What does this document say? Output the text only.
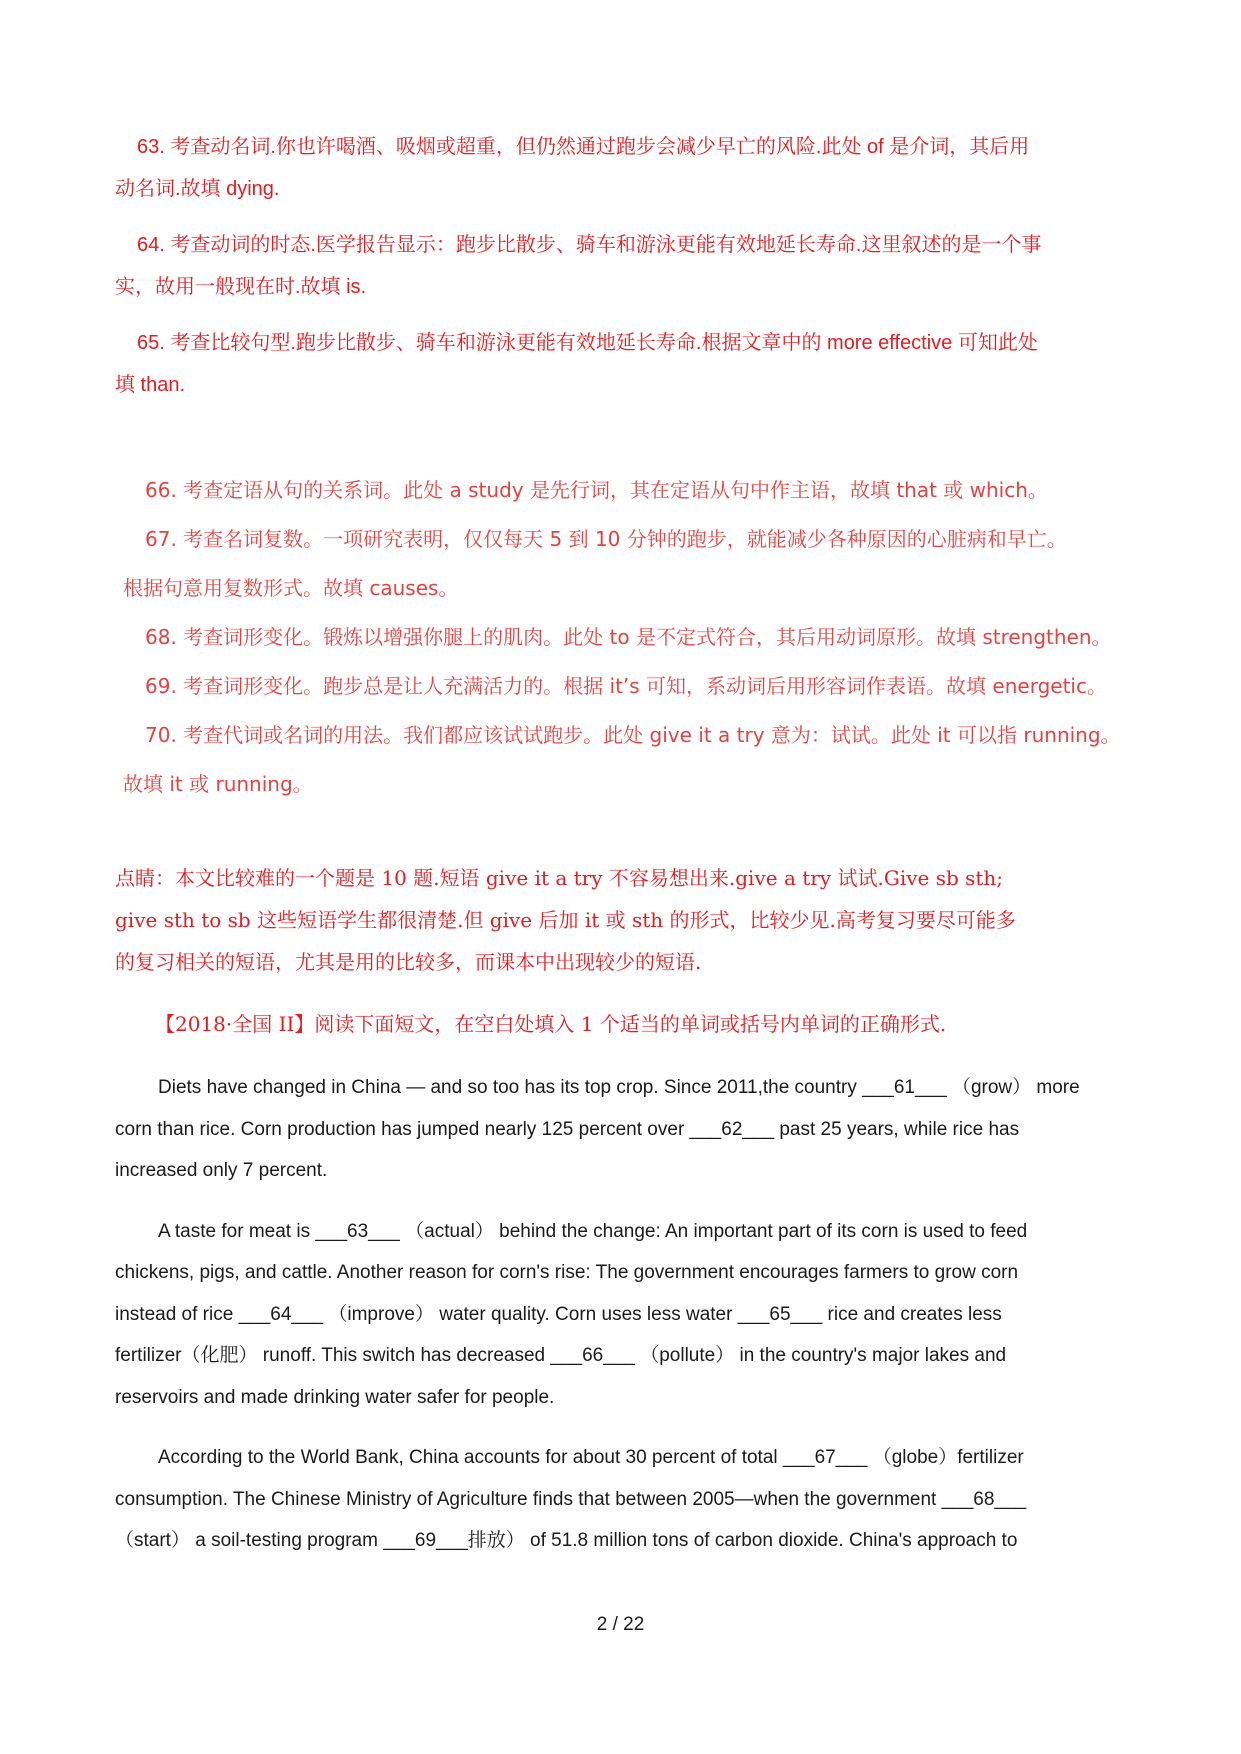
63. 考查动名词.你也许喝酒、吸烟或超重，但仍然通过跑步会减少早亡的风险.此处 of 是介词，其后用

动名词.故填 dying.

64. 考查动词的时态.医学报告显示：跑步比散步、骑车和游泳更能有效地延长寿命.这里叙述的是一个事

实，故用一般现在时.故填 is.

65. 考查比较句型.跑步比散步、骑车和游泳更能有效地延长寿命.根据文章中的 more effective 可知此处

填 than.

66. 考查定语从句的关系词。此处 a study 是先行词，其在定语从句中作主语，故填 that 或 which。

67. 考查名词复数。一项研究表明，仅仅每天 5 到 10 分钟的跑步，就能减少各种原因的心脏病和早亡。

根据句意用复数形式。故填 causes。

68. 考查词形变化。锻炼以增强你腿上的肌肉。此处 to 是不定式符合，其后用动词原形。故填 strengthen。

69. 考查词形变化。跑步总是让人充满活力的。根据 it’s 可知，系动词后用形容词作表语。故填 energetic。

70. 考查代词或名词的用法。我们都应该试试跑步。此处 give it a try 意为：试试。此处 it 可以指 running。

故填 it 或 running。

点睛：本文比较难的一个题是 10 题.短语 give it a try 不容易想出来.give a try 试试.Give sb sth;

give sth to sb 这些短语学生都很清楚.但 give 后加 it 或 sth 的形式，比较少见.高考复习要尽可能多

的复习相关的短语，尤其是用的比较多，而课本中出现较少的短语.

【2018·全国 II】阅读下面短文，在空白处填入 1 个适当的单词或括号内单词的正确形式.

Diets have changed in China — and so too has its top crop. Since 2011,the country ___61___ （grow） more

corn than rice. Corn production has jumped nearly 125 percent over ___62___ past 25 years, while rice has
increased only 7 percent.

A taste for meat is ___63___ （actual） behind the change: An important part of its corn is used to feed

chickens, pigs, and cattle. Another reason for corn's rise: The government encourages farmers to grow corn
instead of rice ___64___ （improve） water quality. Corn uses less water ___65___ rice and creates less
fertilizer（化肥） runoff. This switch has decreased ___66___ （pollute） in the country's major lakes and
reservoirs and made drinking water safer for people.

According to the World Bank, China accounts for about 30 percent of total ___67___ （globe）fertilizer

consumption. The Chinese Ministry of Agriculture finds that between 2005—when the government ___68___
（start） a soil-testing program ___69___排放） of 51.8 million tons of carbon dioxide. China's approach to
2 / 22
